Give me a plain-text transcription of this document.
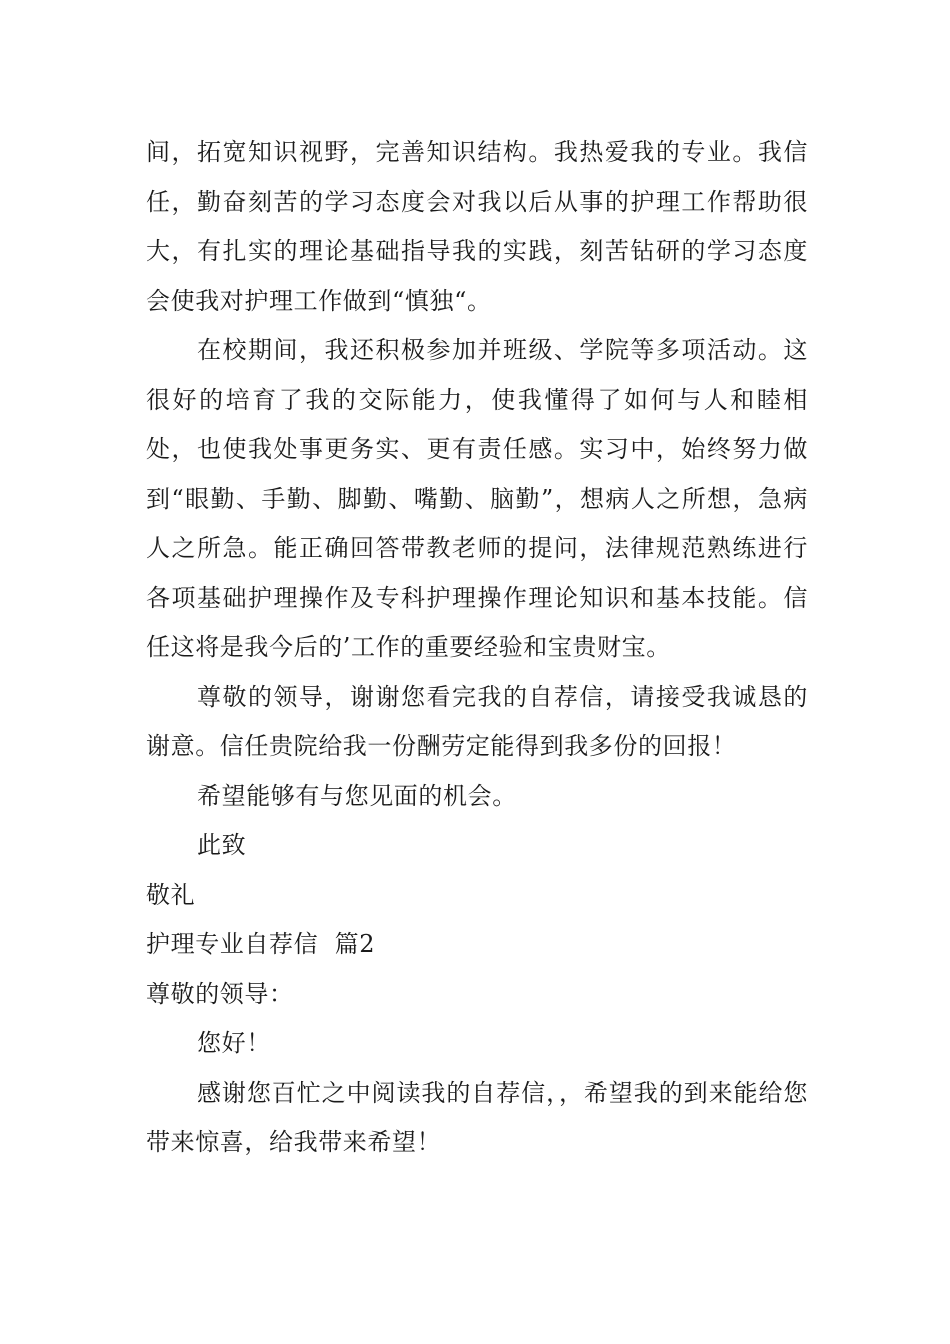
间，拓宽知识视野，完善知识结构。我热爱我的专业。我信任，勤奋刻苦的学习态度会对我以后从事的护理工作帮助很大，有扎实的理论基础指导我的实践，刻苦钻研的学习态度会使我对护理工作做到“慎独“。

在校期间，我还积极参加并班级、学院等多项活动。这很好的培育了我的交际能力，使我懂得了如何与人和睦相处，也使我处事更务实、更有责任感。实习中，始终努力做到“眼勤、手勤、脚勤、嘴勤、脑勤”，想病人之所想，急病人之所急。能正确回答带教老师的提问，法律规范熟练进行各项基础护理操作及专科护理操作理论知识和基本技能。信任这将是我今后的’工作的重要经验和宝贵财宝。

尊敬的领导，谢谢您看完我的自荐信，请接受我诚恳的谢意。信任贵院给我一份酬劳定能得到我多份的回报！

希望能够有与您见面的机会。

此致

敬礼

护理专业自荐信  篇2

尊敬的领导：

您好！

感谢您百忙之中阅读我的自荐信，，希望我的到来能给您带来惊喜，给我带来希望！
